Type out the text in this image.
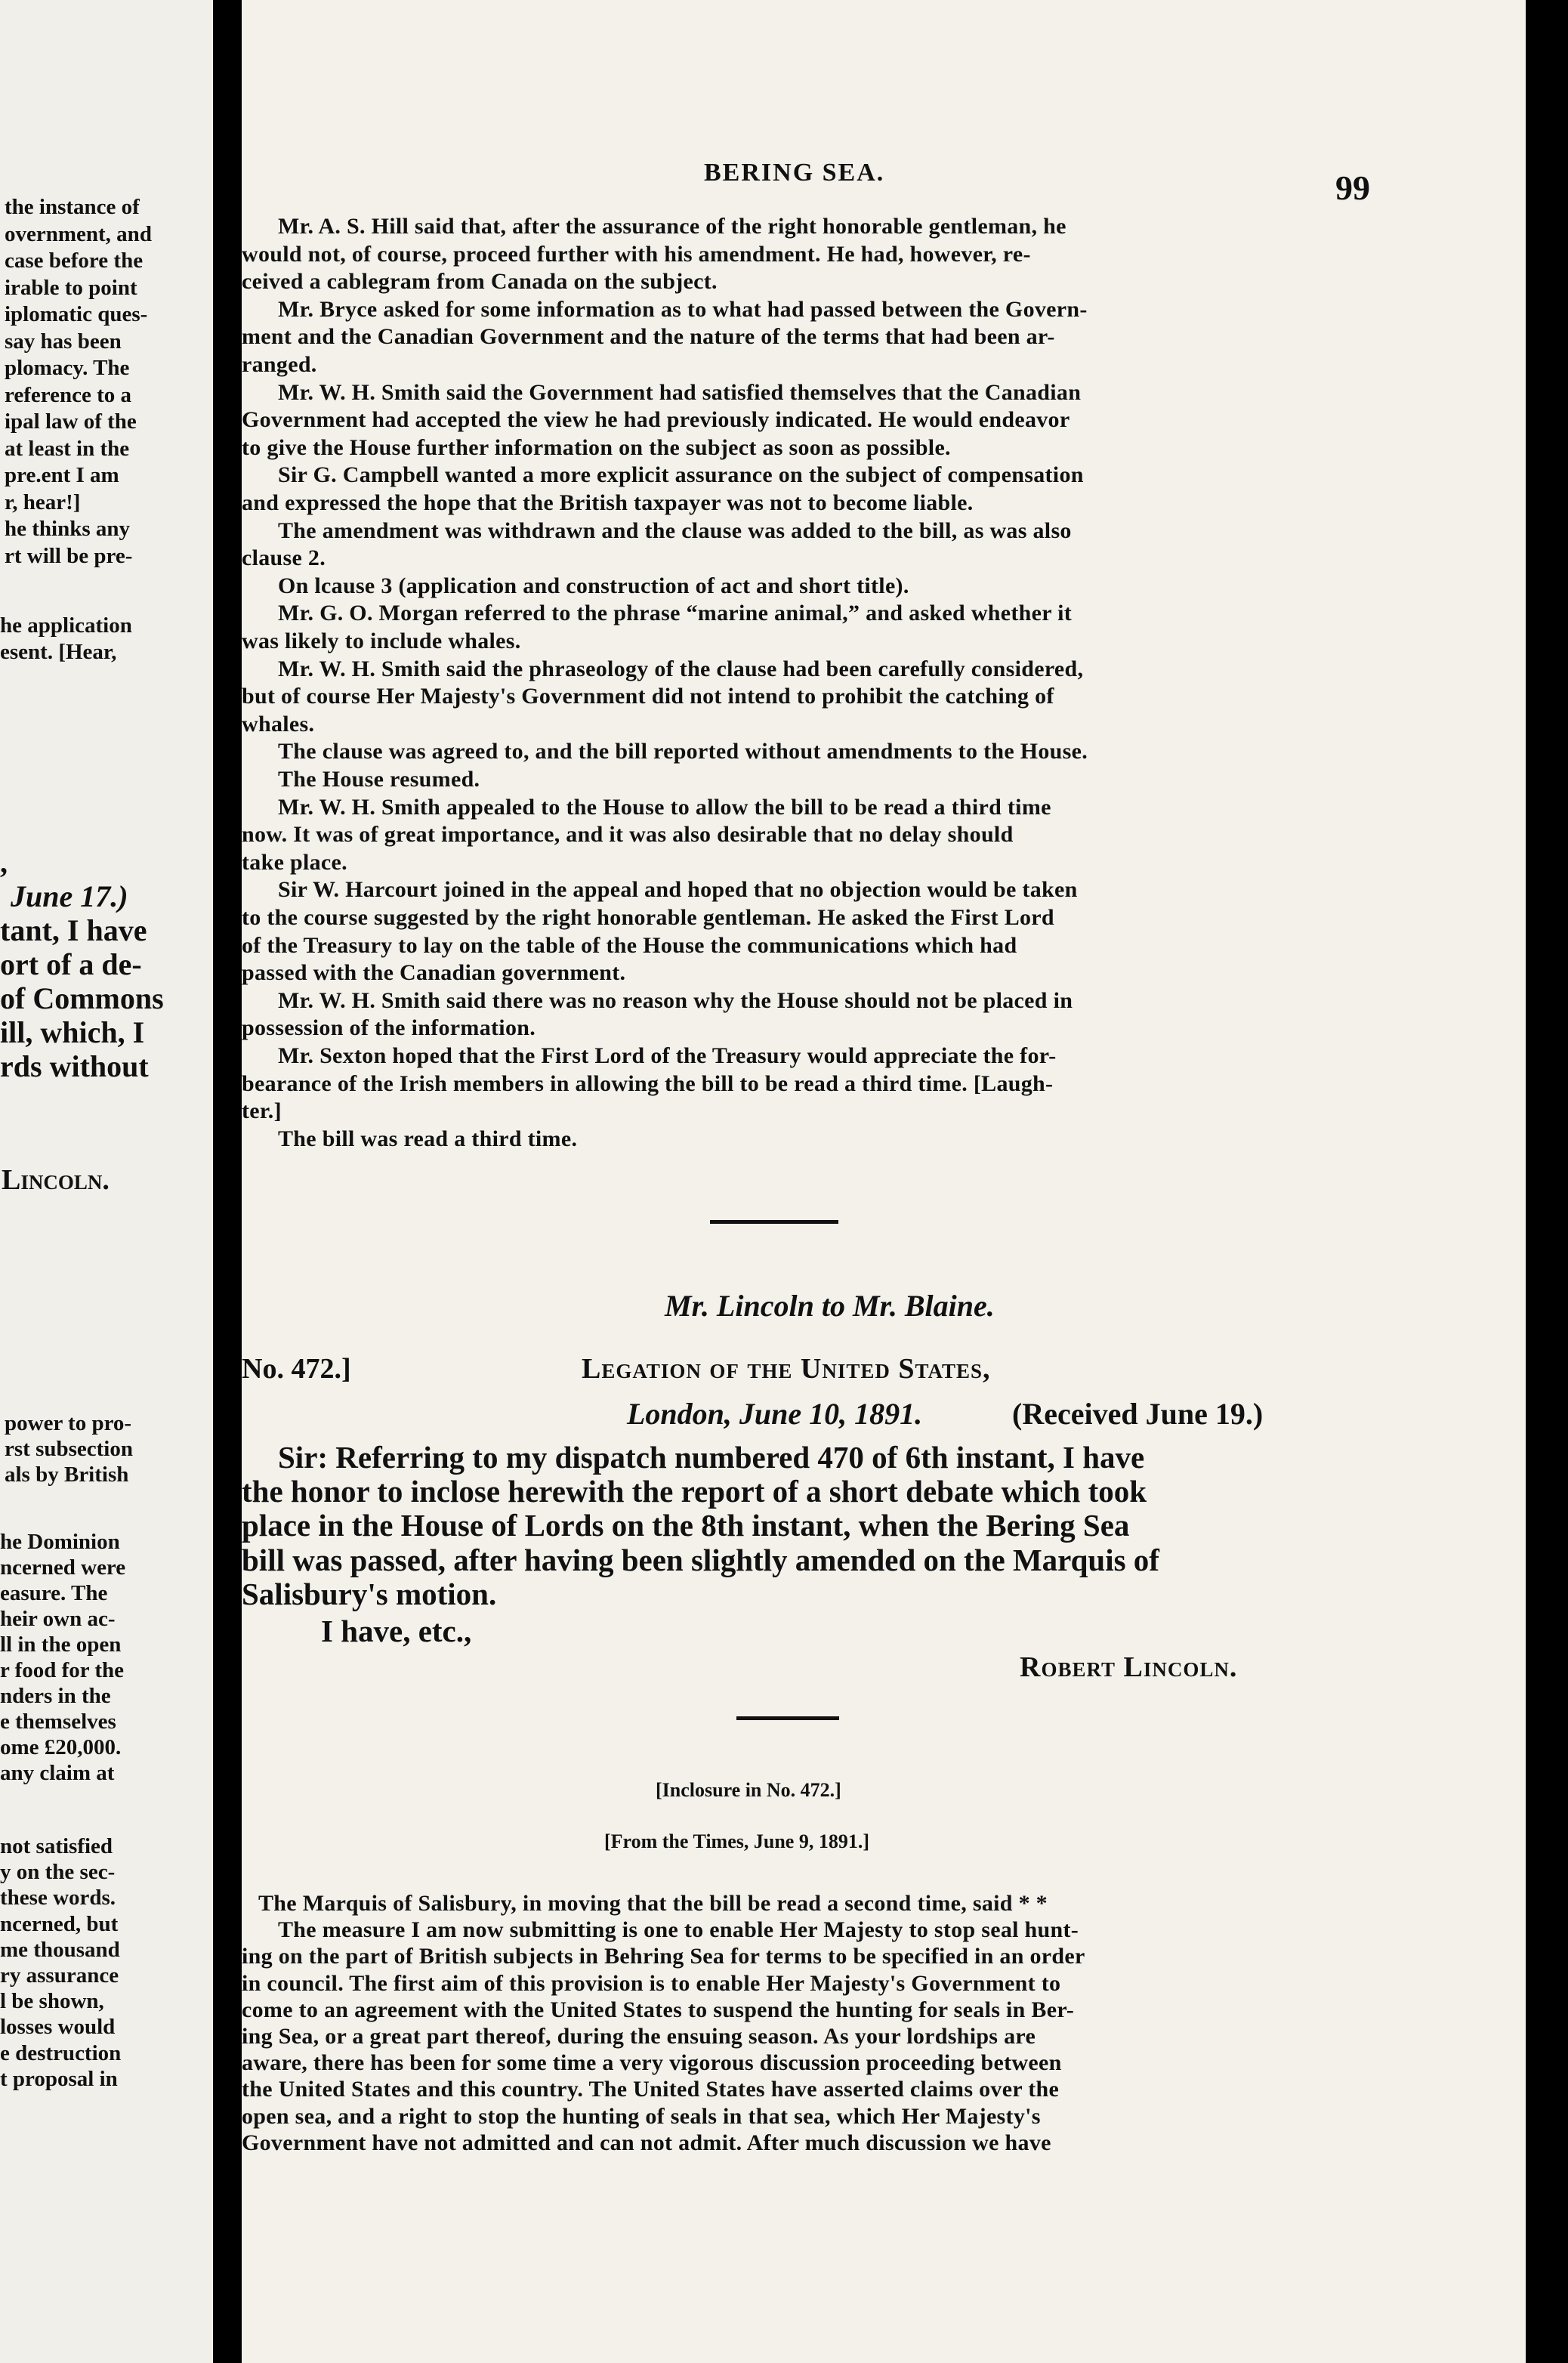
the instance of
overnment, and
case before the
irable to point
iplomatic ques-
say has been
plomacy. The
reference to a
ipal law of the
at least in the
pre.ent I am
r, hear!]
he thinks any
rt will be pre-
he application
esent. [Hear,
,
June 17.)
tant, I have
ort of a de-
of Commons
ill, which, I
rds without
Lincoln.
power to pro-
rst subsection
als by British
he Dominion
ncerned were
easure. The
heir own ac-
ll in the open
r food for the
nders in the
e themselves
ome £20,000.
any claim at
not satisfied
y on the sec-
these words.
ncerned, but
me thousand
ry assurance
l be shown,
losses would
e destruction
t proposal in
BERING SEA.	99
Mr. A. S. Hill said that, after the assurance of the right honorable gentleman, he
would not, of course, proceed further with his amendment. He had, however, re-
ceived a cablegram from Canada on the subject.
Mr. Bryce asked for some information as to what had passed between the Govern-
ment and the Canadian Government and the nature of the terms that had been ar-
ranged.
Mr. W. H. Smith said the Government had satisfied themselves that the Canadian
Government had accepted the view he had previously indicated. He would endeavor
to give the House further information on the subject as soon as possible.
Sir G. Campbell wanted a more explicit assurance on the subject of compensation
and expressed the hope that the British taxpayer was not to become liable.
The amendment was withdrawn and the clause was added to the bill, as was also
clause 2.
On lcause 3 (application and construction of act and short title).
Mr. G. O. Morgan referred to the phrase “marine animal,” and asked whether it
was likely to include whales.
Mr. W. H. Smith said the phraseology of the clause had been carefully considered,
but of course Her Majesty's Government did not intend to prohibit the catching of
whales.
The clause was agreed to, and the bill reported without amendments to the House.
The House resumed.
Mr. W. H. Smith appealed to the House to allow the bill to be read a third time
now. It was of great importance, and it was also desirable that no delay should
take place.
Sir W. Harcourt joined in the appeal and hoped that no objection would be taken
to the course suggested by the right honorable gentleman. He asked the First Lord
of the Treasury to lay on the table of the House the communications which had
passed with the Canadian government.
Mr. W. H. Smith said there was no reason why the House should not be placed in
possession of the information.
Mr. Sexton hoped that the First Lord of the Treasury would appreciate the for-
bearance of the Irish members in allowing the bill to be read a third time. [Laugh-
ter.]
The bill was read a third time.
Mr. Lincoln to Mr. Blaine.
No. 472.]	Legation of the United States,
London, June 10, 1891.	(Received June 19.)
Sir: Referring to my dispatch numbered 470 of 6th instant, I have
the honor to inclose herewith the report of a short debate which took
place in the House of Lords on the 8th instant, when the Bering Sea
bill was passed, after having been slightly amended on the Marquis of
Salisbury's motion.
I have, etc.,
Robert Lincoln.
[Inclosure in No. 472.]
[From the Times, June 9, 1891.]
The Marquis of Salisbury, in moving that the bill be read a second time, said * *
The measure I am now submitting is one to enable Her Majesty to stop seal hunt-
ing on the part of British subjects in Behring Sea for terms to be specified in an order
in council. The first aim of this provision is to enable Her Majesty's Government to
come to an agreement with the United States to suspend the hunting for seals in Ber-
ing Sea, or a great part thereof, during the ensuing season. As your lordships are
aware, there has been for some time a very vigorous discussion proceeding between
the United States and this country. The United States have asserted claims over the
open sea, and a right to stop the hunting of seals in that sea, which Her Majesty's
Government have not admitted and can not admit. After much discussion we have
